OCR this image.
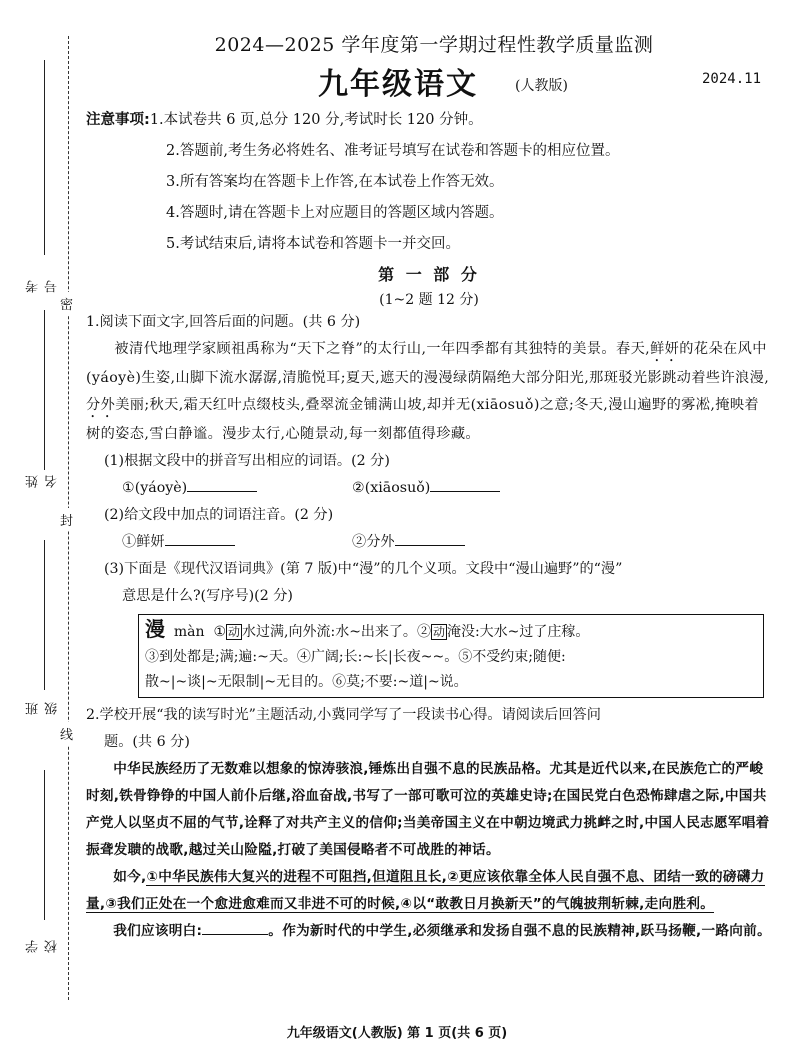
考号
姓名
班级
学校
密
封
线
2024—2025 学年度第一学期过程性教学质量监测
九年级语文	(人教版)	2024.11
注意事项:1.本试卷共 6 页,总分 120 分,考试时长 120 分钟。
2.答题前,考生务必将姓名、准考证号填写在试卷和答题卡的相应位置。
3.所有答案均在答题卡上作答,在本试卷上作答无效。
4.答题时,请在答题卡上对应题目的答题区域内答题。
5.考试结束后,请将本试卷和答题卡一并交回。
第 一 部 分
(1~2 题 12 分)
1.阅读下面文字,回答后面的问题。(共 6 分)
被清代地理学家顾祖禹称为“天下之脊”的太行山,一年四季都有其独特的美景。春天,鲜妍的花朵在风中(yáoyè)生姿,山脚下流水潺潺,清脆悦耳;夏天,遮天的漫漫绿荫隔绝大部分阳光,那斑驳光影跳动着些许浪漫,分外美丽;秋天,霜天红叶点缀枝头,叠翠流金铺满山坡,却并无(xiāosuǒ)之意;冬天,漫山遍野的雾凇,掩映着树的姿态,雪白静谧。漫步太行,心随景动,每一刻都值得珍藏。
(1)根据文段中的拼音写出相应的词语。(2 分)
①(yáoyè)	②(xiāosuǒ)
(2)给文段中加点的词语注音。(2 分)
①鲜妍	②分外
(3)下面是《现代汉语词典》(第 7 版)中“漫”的几个义项。文段中“漫山遍野”的“漫”
意思是什么?(写序号)(2 分)
漫 màn ① 动 水过满,向外流:水~出来了。② 动 淹没:大水~过了庄稼。
③到处都是;满;遍:~天。④广阔;长:~长|长夜~~。⑤不受约束;随便:
散~|~谈|~无限制|~无目的。⑥莫;不要:~道|~说。
2.学校开展“我的读写时光”主题活动,小冀同学写了一段读书心得。请阅读后回答问
题。(共 6 分)
中华民族经历了无数难以想象的惊涛骇浪,锤炼出自强不息的民族品格。尤其是近代以来,在民族危亡的严峻时刻,铁骨铮铮的中国人前仆后继,浴血奋战,书写了一部可歌可泣的英雄史诗;在国民党白色恐怖肆虐之际,中国共产党人以坚贞不屈的气节,诠释了对共产主义的信仰;当美帝国主义在中朝边境武力挑衅之时,中国人民志愿军唱着振聋发聩的战歌,越过关山险隘,打破了美国侵略者不可战胜的神话。
如今,①中华民族伟大复兴的进程不可阻挡,但道阻且长,②更应该依靠全体人民自强不息、团结一致的磅礴力量,③我们正处在一个愈进愈难而又非进不可的时候,④以“敢教日月换新天”的气魄披荆斩棘,走向胜利。
我们应该明白:	。作为新时代的中学生,必须继承和发扬自强不息的民族精神,跃马扬鞭,一路向前。
九年级语文(人教版) 第 1 页(共 6 页)
